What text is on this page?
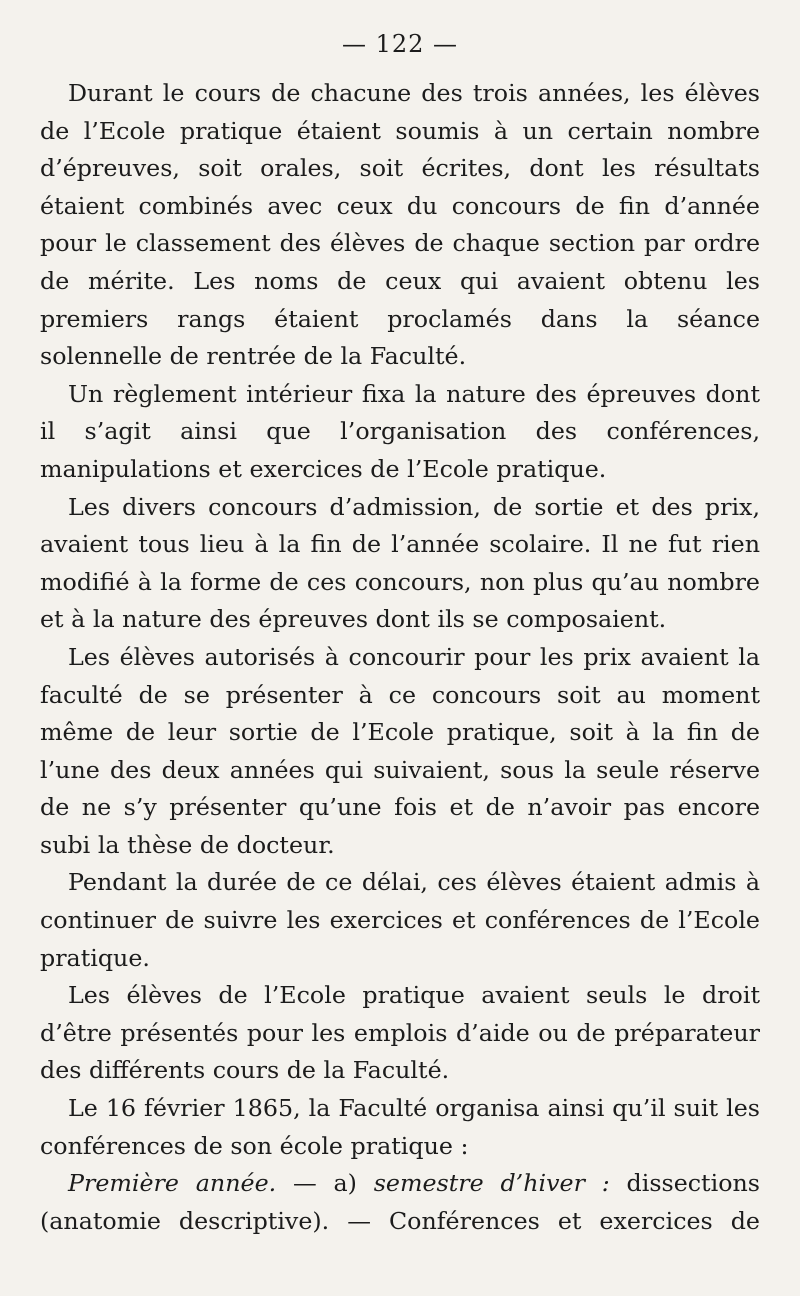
— 122 —

Durant le cours de chacune des trois années, les élèves de l’Ecole pratique étaient soumis à un certain nombre d’épreuves, soit orales, soit écrites, dont les résultats étaient combinés avec ceux du concours de fin d’année pour le classement des élèves de chaque section par ordre de mérite. Les noms de ceux qui avaient obtenu les premiers rangs étaient proclamés dans la séance solennelle de rentrée de la Faculté.

Un règlement intérieur fixa la nature des épreuves dont il s’agit ainsi que l’organisation des conférences, manipulations et exercices de l’Ecole pratique.

Les divers concours d’admission, de sortie et des prix, avaient tous lieu à la fin de l’année scolaire. Il ne fut rien modifié à la forme de ces concours, non plus qu’au nombre et à la nature des épreuves dont ils se composaient.

Les élèves autorisés à concourir pour les prix avaient la faculté de se présenter à ce concours soit au moment même de leur sortie de l’Ecole pratique, soit à la fin de l’une des deux années qui suivaient, sous la seule réserve de ne s’y présenter qu’une fois et de n’avoir pas encore subi la thèse de docteur.

Pendant la durée de ce délai, ces élèves étaient admis à continuer de suivre les exercices et conférences de l’Ecole pratique.

Les élèves de l’Ecole pratique avaient seuls le droit d’être présentés pour les emplois d’aide ou de préparateur des différents cours de la Faculté.

Le 16 février 1865, la Faculté organisa ainsi qu’il suit les conférences de son école pratique :

Première année. — a) semestre d’hiver : dissections (anatomie descriptive). — Conférences et exercices de
